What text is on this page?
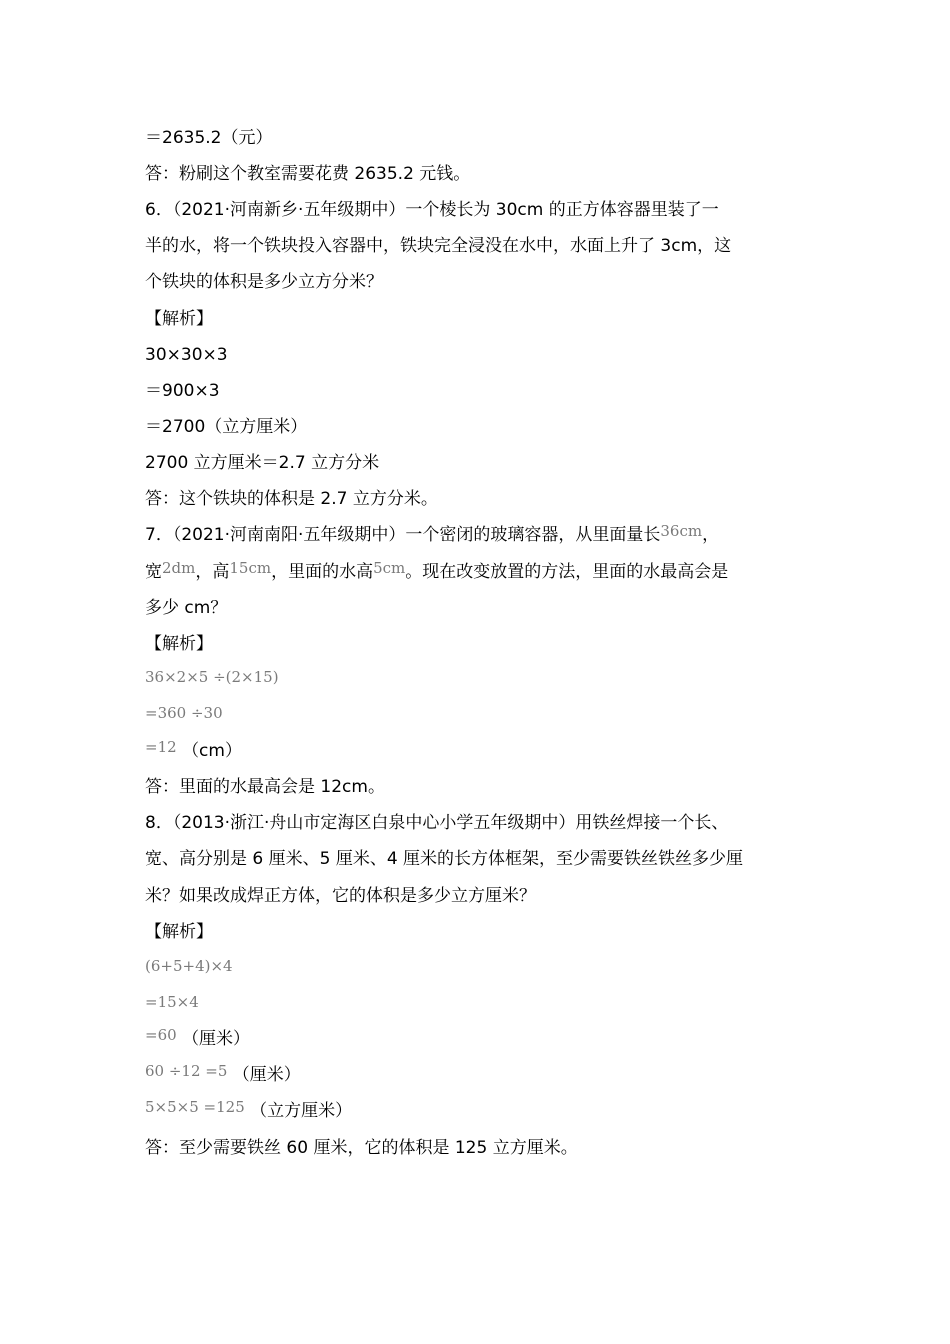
＝2635.2（元）
答：粉刷这个教室需要花费 2635.2 元钱。
6．（2021·河南新乡·五年级期中）一个棱长为 30cm 的正方体容器里装了一
半的水，将一个铁块投入容器中，铁块完全浸没在水中，水面上升了 3cm，这
个铁块的体积是多少立方分米？
【解析】
30×30×3
＝900×3
＝2700（立方厘米）
2700 立方厘米＝2.7 立方分米
答：这个铁块的体积是 2.7 立方分米。
7．（2021·河南南阳·五年级期中）一个密闭的玻璃容器，从里面量长36cm，
宽2dm，高15cm，里面的水高5cm。现在改变放置的方法，里面的水最高会是
多少 cm？
【解析】
36×2×5 ÷(2×15)
=360 ÷30
=12 （cm）
答：里面的水最高会是 12cm。
8．（2013·浙江·舟山市定海区白泉中心小学五年级期中）用铁丝焊接一个长、
宽、高分别是 6 厘米、5 厘米、4 厘米的长方体框架，至少需要铁丝铁丝多少厘
米？如果改成焊正方体，它的体积是多少立方厘米？
【解析】
(6+5+4)×4
=15×4
=60 （厘米）
60 ÷12 =5 （厘米）
5×5×5 =125 （立方厘米）
答：至少需要铁丝 60 厘米，它的体积是 125 立方厘米。
